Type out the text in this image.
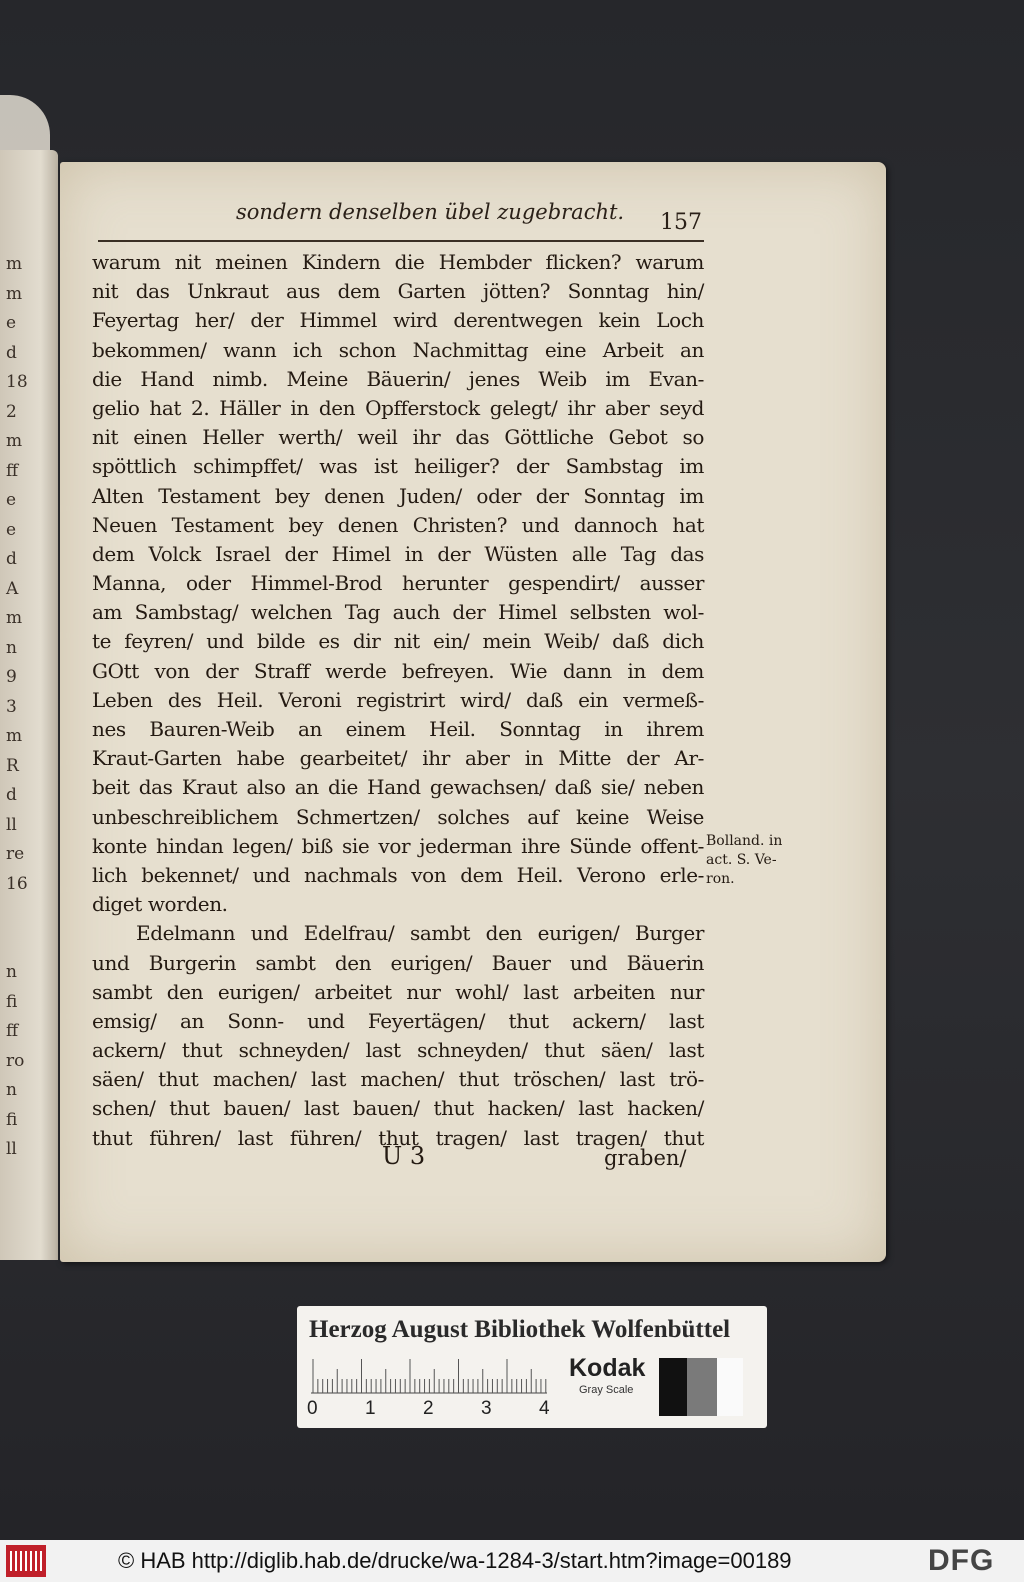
m
m
e
d
18
2
m
ff
e
e
d
A
m
n
9
3
m
R
d
ll
re
16
n
fi
ff
ro
n
fi
ll
sondern denselben übel zugebracht. 157
warum nit meinen Kindern die Hembder flicken? warum
nit das Unkraut aus dem Garten jötten? Sonntag hin/
Feyertag her/ der Himmel wird derentwegen kein Loch
bekommen/ wann ich schon Nachmittag eine Arbeit an
die Hand nimb. Meine Bäuerin/ jenes Weib im Evan-
gelio hat 2. Häller in den Opfferstock gelegt/ ihr aber seyd
nit einen Heller werth/ weil ihr das Göttliche Gebot so
spöttlich schimpffet/ was ist heiliger? der Sambstag im
Alten Testament bey denen Juden/ oder der Sonntag im
Neuen Testament bey denen Christen? und dannoch hat
dem Volck Israel der Himel in der Wüsten alle Tag das
Manna, oder Himmel-Brod herunter gespendirt/ ausser
am Sambstag/ welchen Tag auch der Himel selbsten wol-
te feyren/ und bilde es dir nit ein/ mein Weib/ daß dich
GOtt von der Straff werde befreyen. Wie dann in dem
Leben des Heil. Veroni registrirt wird/ daß ein vermeß-
nes Bauren-Weib an einem Heil. Sonntag in ihrem
Kraut-Garten habe gearbeitet/ ihr aber in Mitte der Ar-
beit das Kraut also an die Hand gewachsen/ daß sie/ neben
unbeschreiblichem Schmertzen/ solches auf keine Weise
konte hindan legen/ biß sie vor jederman ihre Sünde offent-
lich bekennet/ und nachmals von dem Heil. Verono erle-
diget worden.
Edelmann und Edelfrau/ sambt den eurigen/ Burger
und Burgerin sambt den eurigen/ Bauer und Bäuerin
sambt den eurigen/ arbeitet nur wohl/ last arbeiten nur
emsig/ an Sonn- und Feyertägen/ thut ackern/ last
ackern/ thut schneyden/ last schneyden/ thut säen/ last
säen/ thut machen/ last machen/ thut tröschen/ last trö-
schen/ thut bauen/ last bauen/ thut hacken/ last hacken/
thut führen/ last führen/ thut tragen/ last tragen/ thut
Bolland. in
act. S. Ve-
ron.
U 3	graben/
Herzog August Bibliothek Wolfenbüttel
0 1 2 3 4
Kodak
Gray Scale
© HAB http://diglib.hab.de/drucke/wa-1284-3/start.htm?image=00189	DFG
